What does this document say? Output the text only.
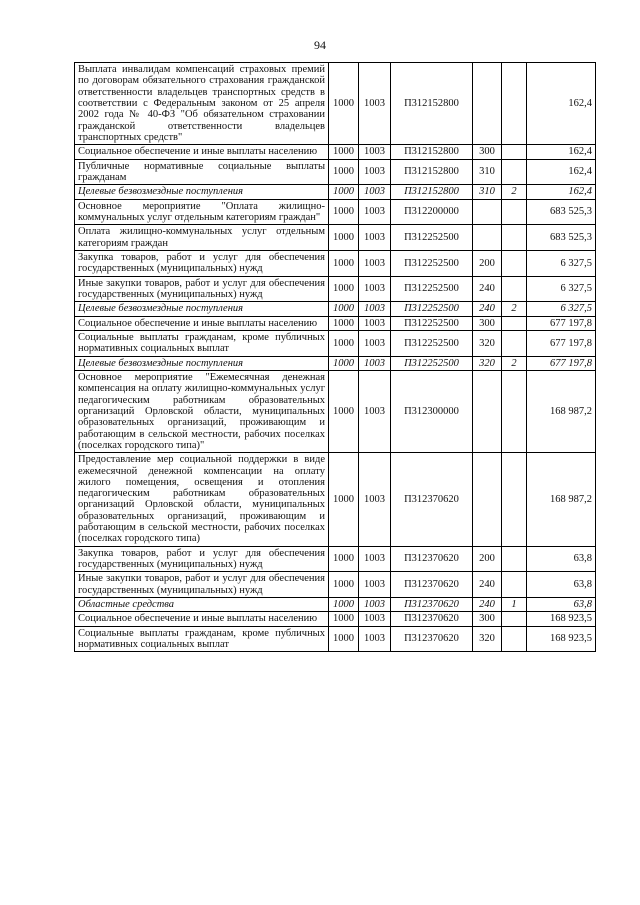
94
Выплата инвалидам компенсаций страховых премий по договорам обязательного страхования гражданской ответственности владельцев транспортных средств в соответствии с Федеральным законом от 25 апреля 2002 года № 40-ФЗ "Об обязательном страховании гражданской ответственности владельцев транспортных средств"	1000	1003	П312152800			162,4
Социальное обеспечение и иные выплаты населению	1000	1003	П312152800	300		162,4
Публичные нормативные социальные выплаты гражданам	1000	1003	П312152800	310		162,4
Целевые безвозмездные поступления	1000	1003	П312152800	310	2	162,4
Основное мероприятие "Оплата жилищно-коммунальных услуг отдельным категориям граждан"	1000	1003	П312200000			683 525,3
Оплата жилищно-коммунальных услуг отдельным категориям граждан	1000	1003	П312252500			683 525,3
Закупка товаров, работ и услуг для обеспечения государственных (муниципальных) нужд	1000	1003	П312252500	200		6 327,5
Иные закупки товаров, работ и услуг для обеспечения государственных (муниципальных) нужд	1000	1003	П312252500	240		6 327,5
Целевые безвозмездные поступления	1000	1003	П312252500	240	2	6 327,5
Социальное обеспечение и иные выплаты населению	1000	1003	П312252500	300		677 197,8
Социальные выплаты гражданам, кроме публичных нормативных социальных выплат	1000	1003	П312252500	320		677 197,8
Целевые безвозмездные поступления	1000	1003	П312252500	320	2	677 197,8
Основное мероприятие "Ежемесячная денежная компенсация на оплату жилищно-коммунальных услуг педагогическим работникам образовательных организаций Орловской области, муниципальных образовательных организаций, проживающим и работающим в сельской местности, рабочих поселках (поселках городского типа)"	1000	1003	П312300000			168 987,2
Предоставление мер социальной поддержки в виде ежемесячной денежной компенсации на оплату жилого помещения, освещения и отопления педагогическим работникам образовательных организаций Орловской области, муниципальных образовательных организаций, проживающим и работающим в сельской местности, рабочих поселках (поселках городского типа)	1000	1003	П312370620			168 987,2
Закупка товаров, работ и услуг для обеспечения государственных (муниципальных) нужд	1000	1003	П312370620	200		63,8
Иные закупки товаров, работ и услуг для обеспечения государственных (муниципальных) нужд	1000	1003	П312370620	240		63,8
Областные средства	1000	1003	П312370620	240	1	63,8
Социальное обеспечение и иные выплаты населению	1000	1003	П312370620	300		168 923,5
Социальные выплаты гражданам, кроме публичных нормативных социальных выплат	1000	1003	П312370620	320		168 923,5
